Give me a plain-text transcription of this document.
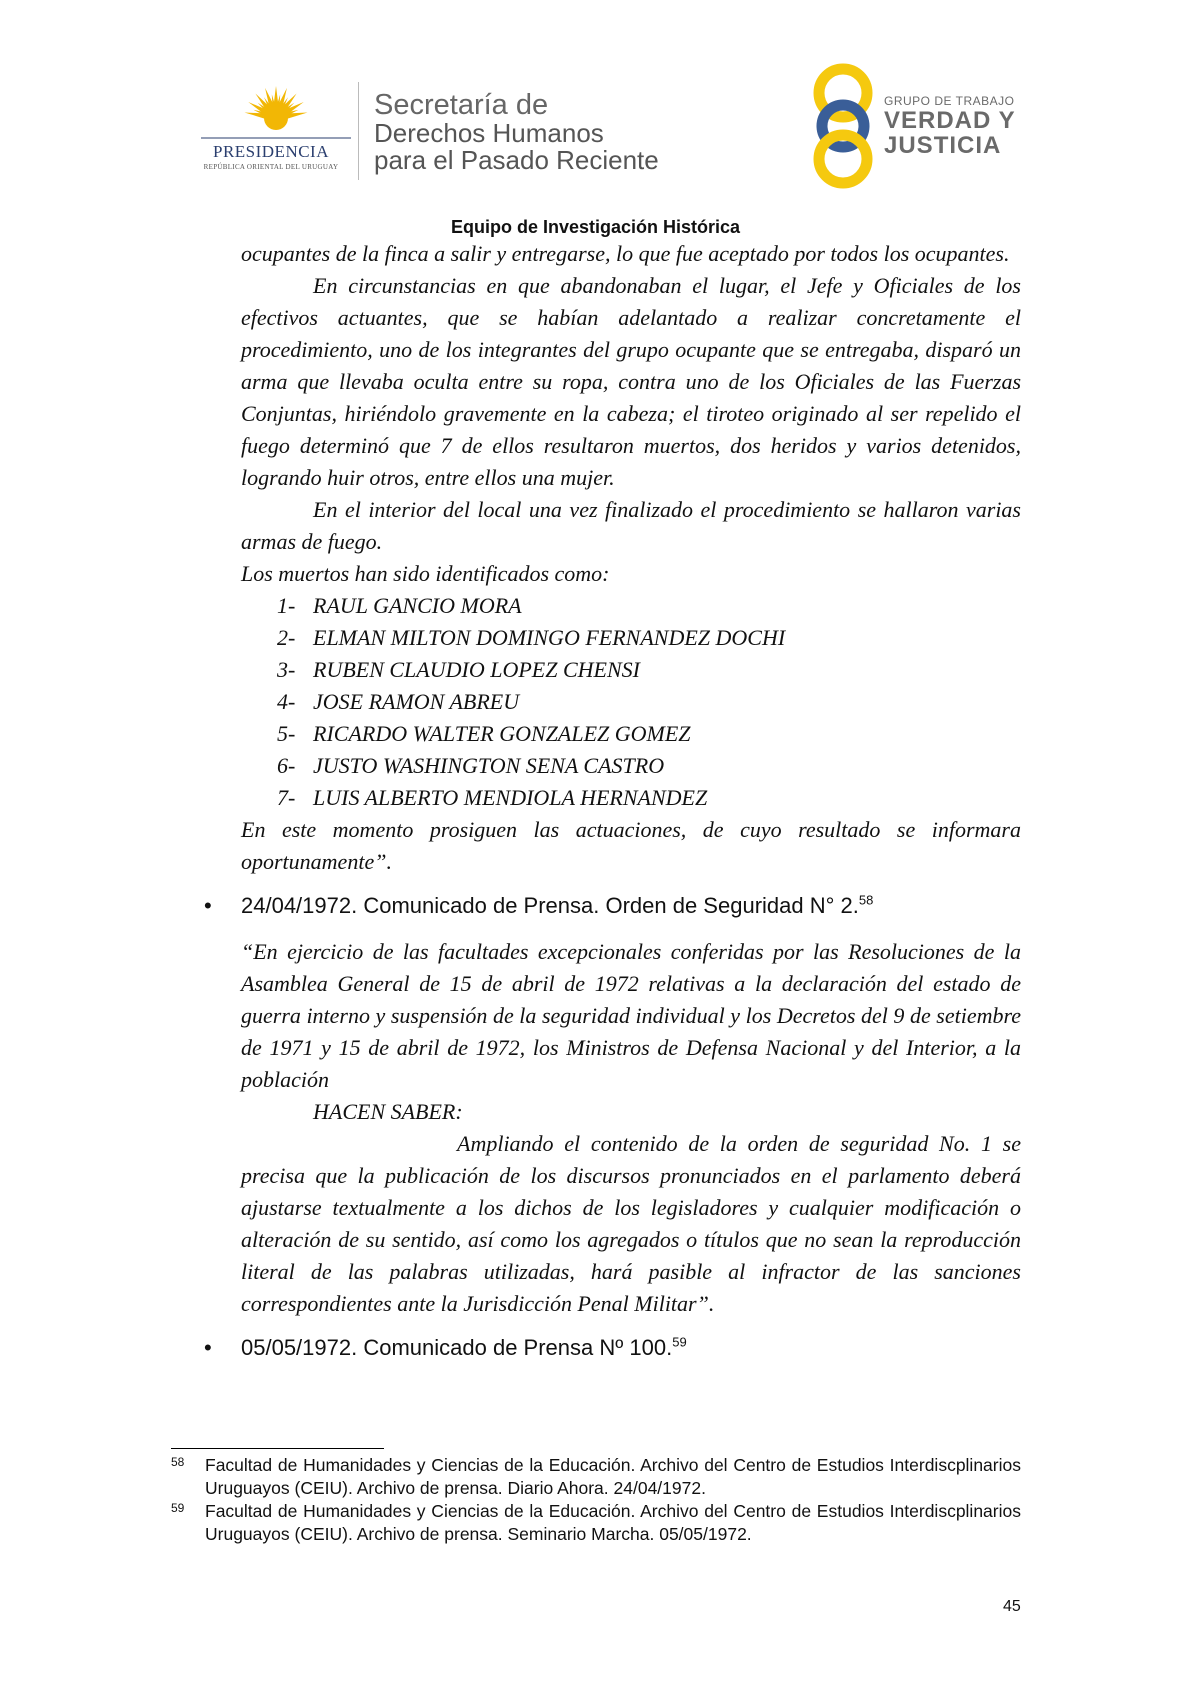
PRESIDENCIA
REPÚBLICA ORIENTAL DEL URUGUAY
Secretaría de
Derechos Humanos
para el Pasado Reciente
GRUPO DE TRABAJO
VERDAD Y
JUSTICIA
Equipo de Investigación Histórica

ocupantes de la finca a salir y entregarse, lo que fue aceptado por todos los ocupantes.

En circunstancias en que abandonaban el lugar, el Jefe y Oficiales de los efectivos actuantes, que se habían adelantado a realizar concretamente el procedimiento, uno de los integrantes del grupo ocupante que se entregaba, disparó un arma que llevaba oculta entre su ropa, contra uno de los Oficiales de las Fuerzas Conjuntas, hiriéndolo gravemente en la cabeza; el tiroteo originado al ser repelido el fuego determinó que 7 de ellos resultaron muertos, dos heridos y varios detenidos, logrando huir otros, entre ellos una mujer.

En el interior del local una vez finalizado el procedimiento se hallaron varias armas de fuego.

Los muertos han sido identificados como:

1- RAUL GANCIO MORA
2- ELMAN MILTON DOMINGO FERNANDEZ DOCHI
3- RUBEN CLAUDIO LOPEZ CHENSI
4- JOSE RAMON ABREU
5- RICARDO WALTER GONZALEZ GOMEZ
6- JUSTO WASHINGTON SENA CASTRO
7- LUIS ALBERTO MENDIOLA HERNANDEZ

En este momento prosiguen las actuaciones, de cuyo resultado se informara oportunamente”.

• 24/04/1972. Comunicado de Prensa. Orden de Seguridad N° 2.58

“En ejercicio de las facultades excepcionales conferidas por las Resoluciones de la Asamblea General de 15 de abril de 1972 relativas a la declaración del estado de guerra interno y suspensión de la seguridad individual y los Decretos del 9 de setiembre de 1971 y 15 de abril de 1972, los Ministros de Defensa Nacional y del Interior, a la población

HACEN SABER:

Ampliando el contenido de la orden de seguridad No. 1 se precisa que la publicación de los discursos pronunciados en el parlamento deberá ajustarse textualmente a los dichos de los legisladores y cualquier modificación o alteración de su sentido, así como los agregados o títulos que no sean la reproducción literal de las palabras utilizadas, hará pasible al infractor de las sanciones correspondientes ante la Jurisdicción Penal Militar”.

• 05/05/1972. Comunicado de Prensa Nº 100.59
58 Facultad de Humanidades y Ciencias de la Educación. Archivo del Centro de Estudios Interdiscplinarios Uruguayos (CEIU). Archivo de prensa. Diario Ahora. 24/04/1972.
59 Facultad de Humanidades y Ciencias de la Educación. Archivo del Centro de Estudios Interdiscplinarios Uruguayos (CEIU). Archivo de prensa. Seminario Marcha. 05/05/1972.
45
